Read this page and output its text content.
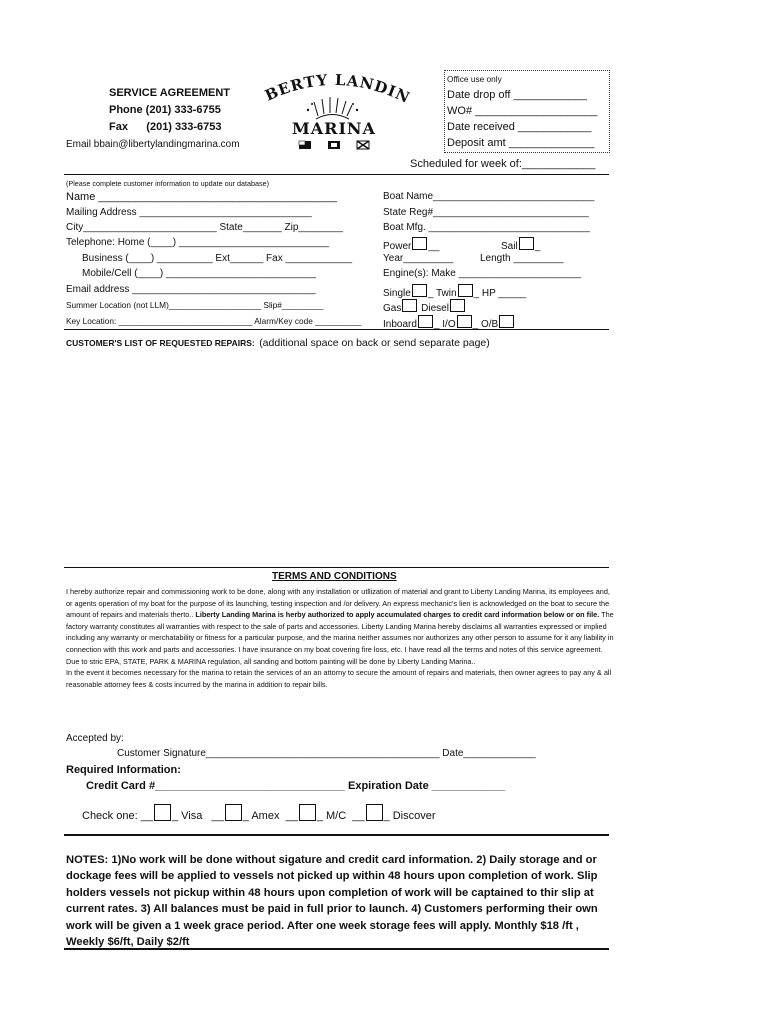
SERVICE AGREEMENT
Phone (201) 333-6755
Fax      (201) 333-6753
Email bbain@libertylandingmarina.com
BERTY LANDI
MARINA
Office use only
Date drop off ____________
WO# ____________________
Date received ____________
Deposit amt ______________
Scheduled for week of:____________
(Please complete customer information to update our database)
Name _______________________________________
Mailing Address _______________________________
City________________________ State_______ Zip________
Telephone: Home (____) ___________________________
Business (____) __________ Ext______ Fax ____________
Mobile/Cell (____) ___________________________
Email address _________________________________
Summer Location (not LLM)____________________ Slip#_________
Key Location: _____________________________ Alarm/Key code __________
Boat Name_____________________________
State Reg#____________________________
Boat Mfg. _____________________________
Power __	Sail _
Year_________	Length _________
Engine(s): Make ______________________
Single _ Twin _ HP _____
Gas Diesel
Inboard _ I/O _ O/B
CUSTOMER'S LIST OF REQUESTED REPAIRS: (additional space on back or send separate page)
TERMS AND CONDITIONS

I hereby authorize repair and commissioning work to be done, along with any installation or utllization of material and grant to Liberty Landing Marina, its employees and, or agents operation of my boat for the purpose of its launching, testing inspection and /or delivery. An express mechanic's lien is acknowledged on the boat to secure the amount of repairs and materials therto.. Liberty Landing Marina is herby authorized to apply accumulated charges to credit card information below or on file. The factory warranty constitutes all warranties with respect to the sale of parts and accessories. Liberty Landing Marina hereby disclaims all warranties expressed or implied including any warranty or merchatability or fitness for a particular purpose, and the marina neither assumes nor authorizes any other person to assume for it any liability in connection with this work and parts and accessories. I have insurance on my boat covering fire loss, etc. I have read all the terms and notes of this service agreement. Due to stric EPA, STATE, PARK & MARINA regulation, all sanding and bottom painting will be done by Liberty Landing Marina..

In the event it becomes necessary for the marina to retain the services of an an attorny to secure the amount of repairs and materials, then owner agrees to pay any & all reasonable attorney fees & costs incurred by the marina in addition to repair bills.

Accepted by:
Customer Signature__________________________________________ Date_____________
Required Information:
Credit Card #_______________________________ Expiration Date ____________
Check one: __ _ Visa   __ _ Amex  __ _ M/C  __ _ Discover
NOTES: 1)No work will be done without sigature and credit card information. 2) Daily storage and or dockage fees will be applied to vessels not picked up within 48 hours upon completion of work. Slip holders vessels not pickup within 48 hours upon completion of work will be captained to thir slip at current rates. 3) All balances must be paid in full prior to launch. 4) Customers performing their own work will be given a 1 week grace period. After one week storage fees will apply. Monthly $18 /ft , Weekly $6/ft, Daily $2/ft
